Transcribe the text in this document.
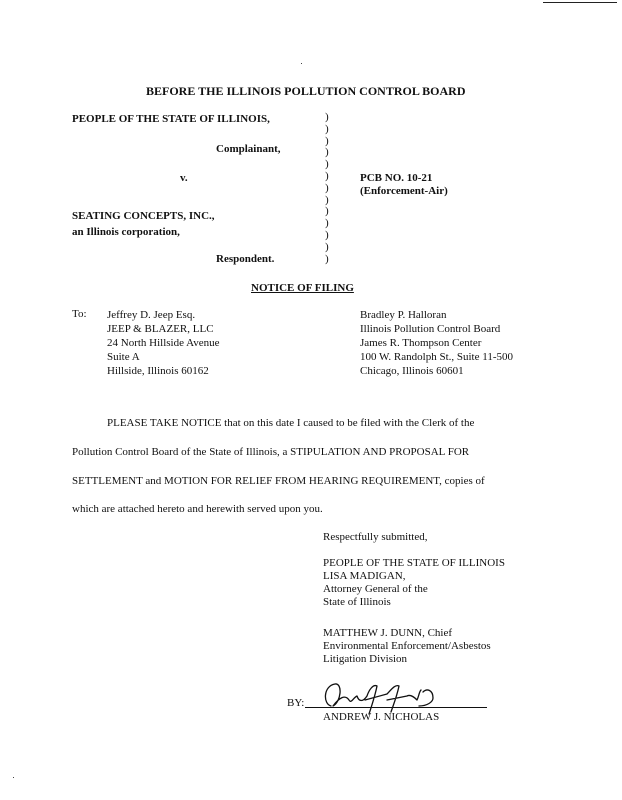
BEFORE THE ILLINOIS POLLUTION CONTROL BOARD
PEOPLE OF THE STATE OF ILLINOIS,
Complainant,
v.	PCB NO. 10-21
(Enforcement-Air)
SEATING CONCEPTS, INC.,
an Illinois corporation,
Respondent.
)
)
)
)
)
)
)
)
)
)
)
)
)
NOTICE OF FILING
To: Jeffrey D. Jeep Esq.
JEEP & BLAZER, LLC
24 North Hillside Avenue
Suite A
Hillside, Illinois 60162
Bradley P. Halloran
Illinois Pollution Control Board
James R. Thompson Center
100 W. Randolph St., Suite 11-500
Chicago, Illinois 60601
PLEASE TAKE NOTICE that on this date I caused to be filed with the Clerk of the
Pollution Control Board of the State of Illinois, a STIPULATION AND PROPOSAL FOR
SETTLEMENT and MOTION FOR RELIEF FROM HEARING REQUIREMENT, copies of
which are attached hereto and herewith served upon you.
Respectfully submitted,
PEOPLE OF THE STATE OF ILLINOIS
LISA MADIGAN,
Attorney General of the
State of Illinois
MATTHEW J. DUNN, Chief
Environmental Enforcement/Asbestos
Litigation Division
BY:
ANDREW J. NICHOLAS
